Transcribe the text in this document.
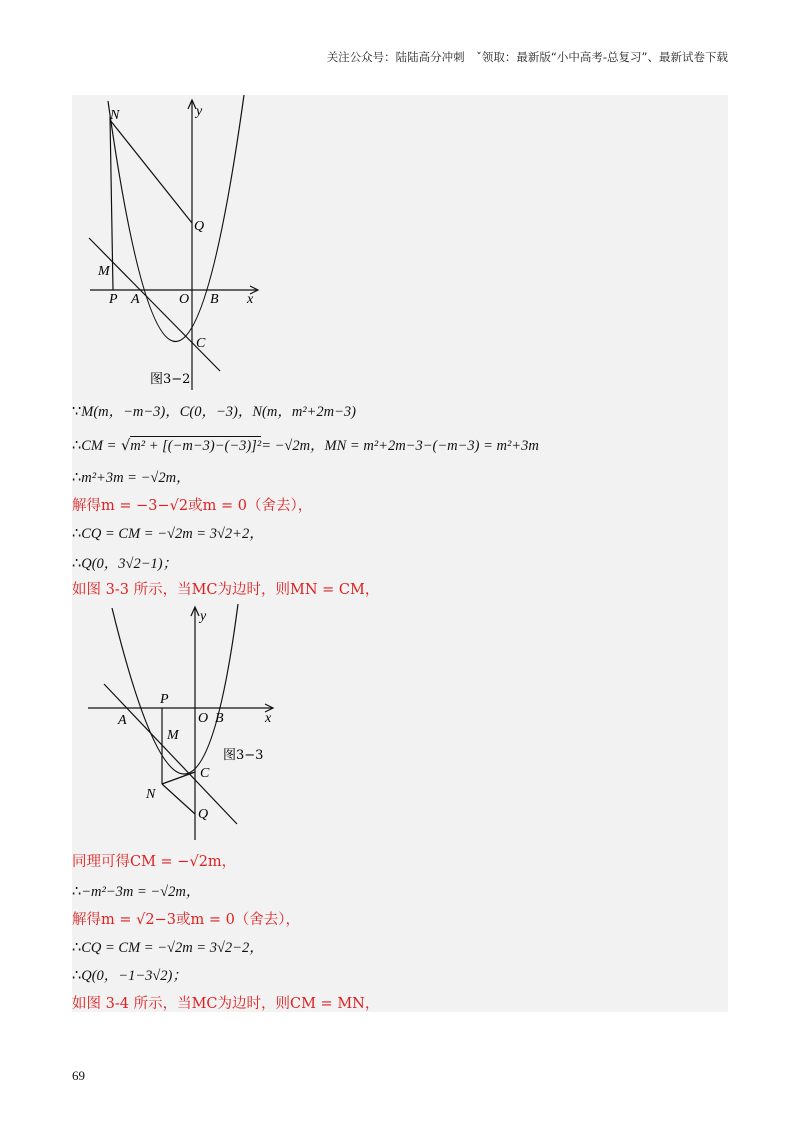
关注公众号：陆陆高分冲刺　ˇ领取：最新版“小中高考-总复习”、最新试卷下载
N	y
Q
M
P A	O B x
C
图3−2
∵M(m，−m−3)，C(0，−3)，N(m，m²+2m−3)
∴CM = √m² + [(−m−3)−(−3)]²= −√2m，MN = m²+2m−3−(−m−3) = m²+3m
∴m²+3m = −√2m，
解得m = −3−√2或m = 0（舍去），
∴CQ = CM = −√2m = 3√2+2，
∴Q(0，3√2−1)；
如图 3-3 所示，当MC为边时，则MN = CM，
y
P
A	O B	x
M
图3−3
C
N
Q
同理可得CM = −√2m，
∴−m²−3m = −√2m，
解得m = √2−3或m = 0（舍去），
∴CQ = CM = −√2m = 3√2−2，
∴Q(0，−1−3√2)；
如图 3-4 所示，当MC为边时，则CM = MN，
69
